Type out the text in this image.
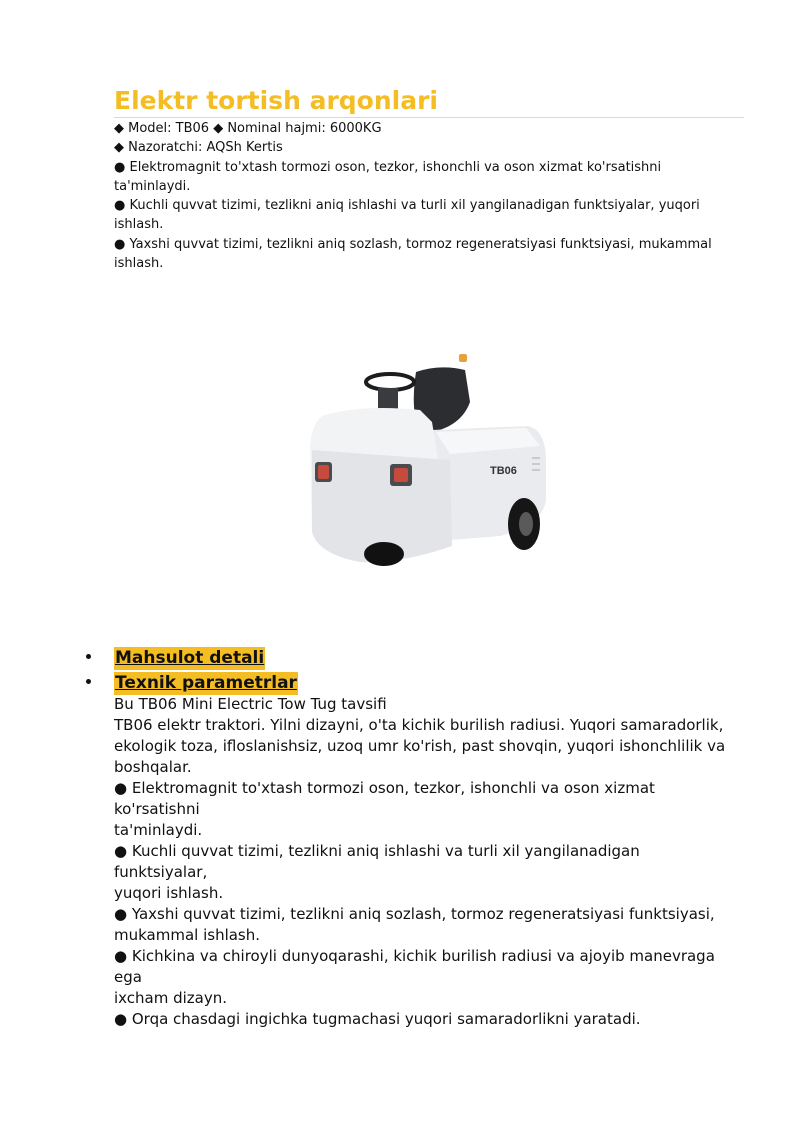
Elektr tortish arqonlari
◆ Model: TB06 ◆ Nominal hajmi: 6000KG
◆ Nazoratchi: AQSh Kertis
● Elektromagnit to'xtash tormozi oson, tezkor, ishonchli va oson xizmat ko'rsatishni
ta'minlaydi.
● Kuchli quvvat tizimi, tezlikni aniq ishlashi va turli xil yangilanadigan funktsiyalar, yuqori
ishlash.
● Yaxshi quvvat tizimi, tezlikni aniq sozlash, tormoz regeneratsiyasi funktsiyasi, mukammal
ishlash.
TB06
Mahsulot detali
Texnik parametrlar
Bu TB06 Mini Electric Tow Tug tavsifi
TB06 elektr traktori. Yilni dizayni, o'ta kichik burilish radiusi. Yuqori samaradorlik,
ekologik toza, ifloslanishsiz, uzoq umr ko'rish, past shovqin, yuqori ishonchlilik va
boshqalar.
● Elektromagnit to'xtash tormozi oson, tezkor, ishonchli va oson xizmat ko'rsatishni
ta'minlaydi.
● Kuchli quvvat tizimi, tezlikni aniq ishlashi va turli xil yangilanadigan funktsiyalar,
yuqori ishlash.
● Yaxshi quvvat tizimi, tezlikni aniq sozlash, tormoz regeneratsiyasi funktsiyasi,
mukammal ishlash.
● Kichkina va chiroyli dunyoqarashi, kichik burilish radiusi va ajoyib manevraga ega
ixcham dizayn.
● Orqa chasdagi ingichka tugmachasi yuqori samaradorlikni yaratadi.
